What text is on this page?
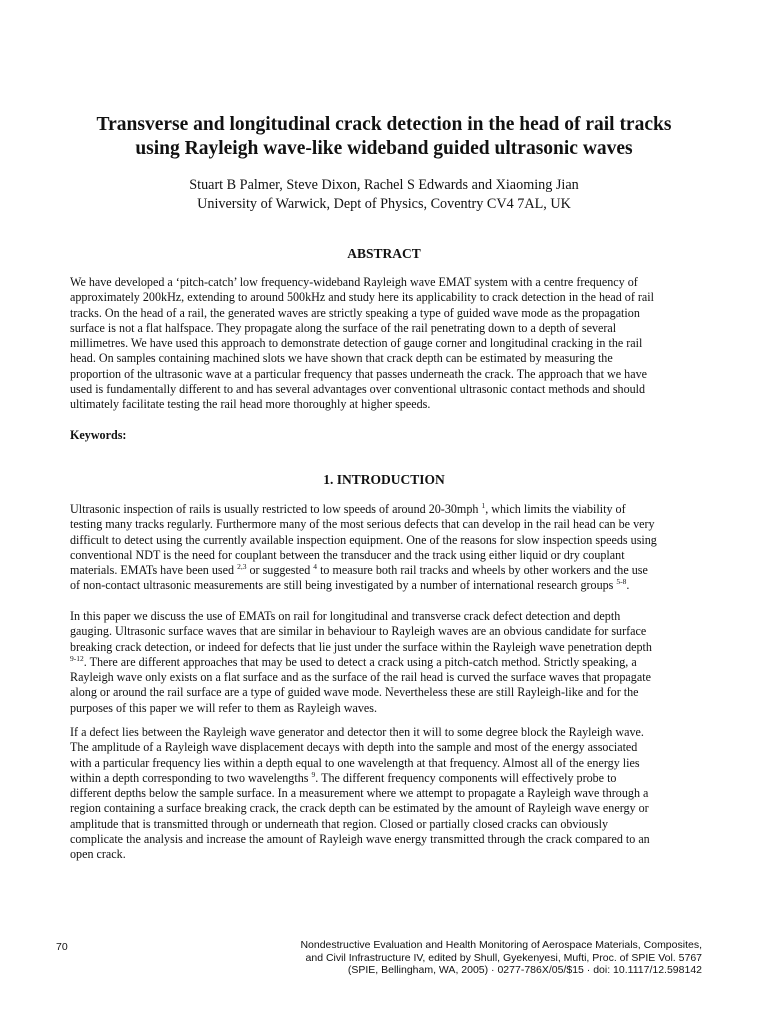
Transverse and longitudinal crack detection in the head of rail tracks
using Rayleigh wave-like wideband guided ultrasonic waves
Stuart B Palmer, Steve Dixon, Rachel S Edwards and Xiaoming Jian
University of Warwick, Dept of Physics, Coventry CV4 7AL, UK
ABSTRACT
We have developed a ‘pitch-catch’ low frequency-wideband Rayleigh wave EMAT system with a centre frequency of
approximately 200kHz, extending to around 500kHz and study here its applicability to crack detection in the head of rail
tracks. On the head of a rail, the generated waves are strictly speaking a type of guided wave mode as the propagation
surface is not a flat halfspace. They propagate along the surface of the rail penetrating down to a depth of several
millimetres. We have used this approach to demonstrate detection of gauge corner and longitudinal cracking in the rail
head. On samples containing machined slots we have shown that crack depth can be estimated by measuring the
proportion of the ultrasonic wave at a particular frequency that passes underneath the crack. The approach that we have
used is fundamentally different to and has several advantages over conventional ultrasonic contact methods and should
ultimately facilitate testing the rail head more thoroughly at higher speeds.
Keywords:
1. INTRODUCTION
Ultrasonic inspection of rails is usually restricted to low speeds of around 20-30mph $^1$, which limits the viability of
testing many tracks regularly. Furthermore many of the most serious defects that can develop in the rail head can be very
difficult to detect using the currently available inspection equipment. One of the reasons for slow inspection speeds using
conventional NDT is the need for couplant between the transducer and the track using either liquid or dry couplant
materials. EMATs have been used $^{2,3}$ or suggested $^4$ to measure both rail tracks and wheels by other workers and the use
of non-contact ultrasonic measurements are still being investigated by a number of international research groups $^{5-8}$.
In this paper we discuss the use of EMATs on rail for longitudinal and transverse crack defect detection and depth
gauging. Ultrasonic surface waves that are similar in behaviour to Rayleigh waves are an obvious candidate for surface
breaking crack detection, or indeed for defects that lie just under the surface within the Rayleigh wave penetration depth
$^{9-12}$. There are different approaches that may be used to detect a crack using a pitch-catch method. Strictly speaking, a
Rayleigh wave only exists on a flat surface and as the surface of the rail head is curved the surface waves that propagate
along or around the rail surface are a type of guided wave mode. Nevertheless these are still Rayleigh-like and for the
purposes of this paper we will refer to them as Rayleigh waves.
If a defect lies between the Rayleigh wave generator and detector then it will to some degree block the Rayleigh wave.
The amplitude of a Rayleigh wave displacement decays with depth into the sample and most of the energy associated
with a particular frequency lies within a depth equal to one wavelength at that frequency. Almost all of the energy lies
within a depth corresponding to two wavelengths $^9$. The different frequency components will effectively probe to
different depths below the sample surface. In a measurement where we attempt to propagate a Rayleigh wave through a
region containing a surface breaking crack, the crack depth can be estimated by the amount of Rayleigh wave energy or
amplitude that is transmitted through or underneath that region. Closed or partially closed cracks can obviously
complicate the analysis and increase the amount of Rayleigh wave energy transmitted through the crack compared to an
open crack.
70	Nondestructive Evaluation and Health Monitoring of Aerospace Materials, Composites,
and Civil Infrastructure IV, edited by Shull, Gyekenyesi, Mufti, Proc. of SPIE Vol. 5767
(SPIE, Bellingham, WA, 2005) · 0277-786X/05/$15 · doi: 10.1117/12.598142
